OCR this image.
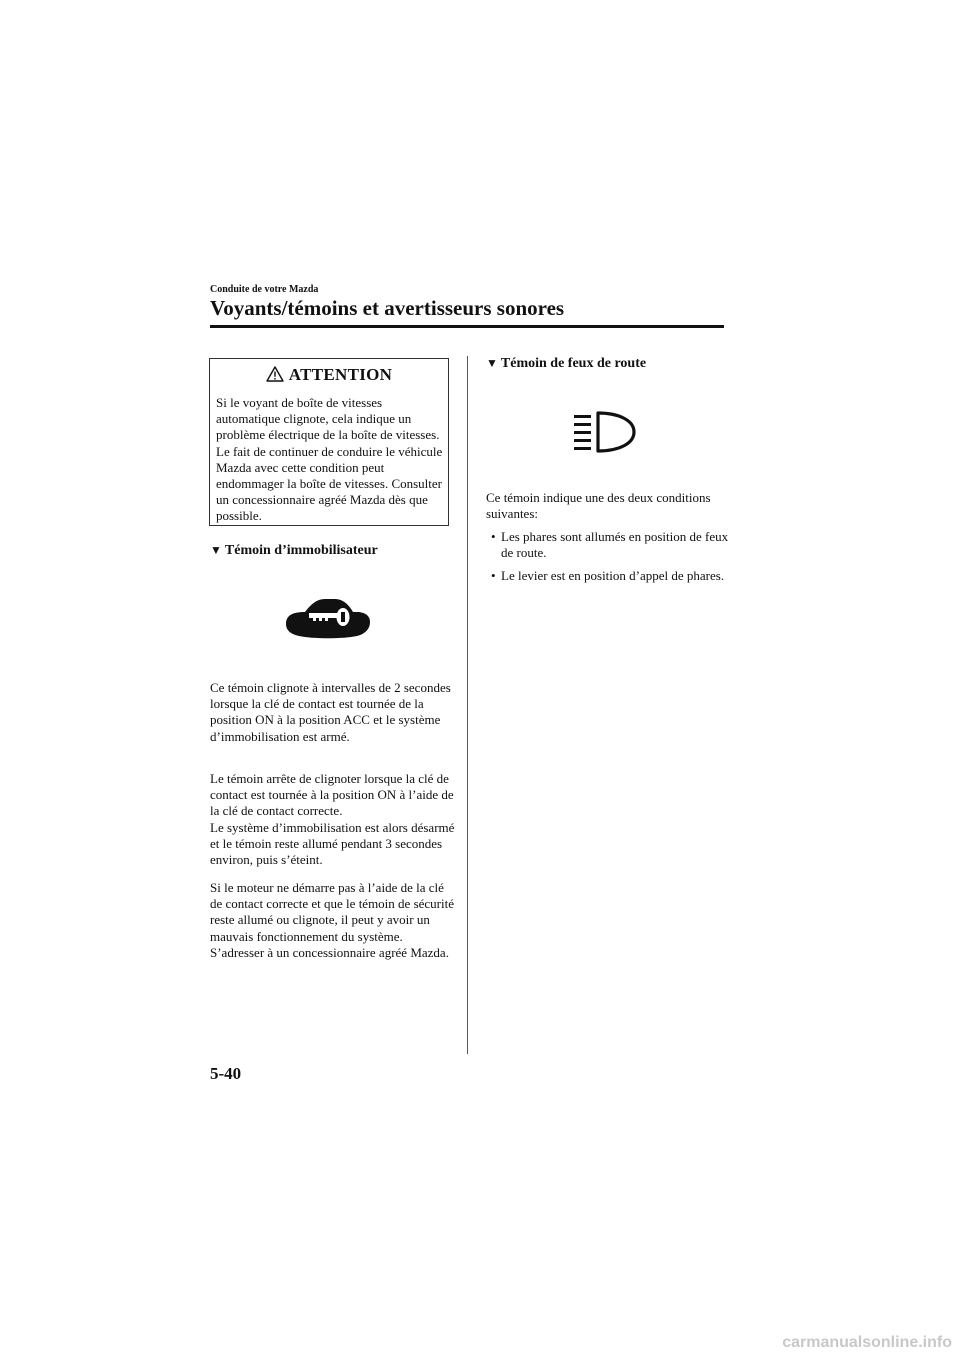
Conduite de votre Mazda
Voyants/témoins et avertisseurs sonores
ATTENTION
Si le voyant de boîte de vitesses automatique clignote, cela indique un problème électrique de la boîte de vitesses. Le fait de continuer de conduire le véhicule Mazda avec cette condition peut endommager la boîte de vitesses. Consulter un concessionnaire agréé Mazda dès que possible.
▼ Témoin d’immobilisateur
Ce témoin clignote à intervalles de 2 secondes lorsque la clé de contact est tournée de la position ON à la position ACC et le système d’immobilisation est armé.
Le témoin arrête de clignoter lorsque la clé de contact est tournée à la position ON à l’aide de la clé de contact correcte.
Le système d’immobilisation est alors désarmé et le témoin reste allumé pendant 3 secondes environ, puis s’éteint.
Si le moteur ne démarre pas à l’aide de la clé de contact correcte et que le témoin de sécurité reste allumé ou clignote, il peut y avoir un mauvais fonctionnement du système. S’adresser à un concessionnaire agréé Mazda.
▼ Témoin de feux de route
Ce témoin indique une des deux conditions suivantes:
• Les phares sont allumés en position de feux de route.
• Le levier est en position d’appel de phares.
5-40
carmanualsonline.info
